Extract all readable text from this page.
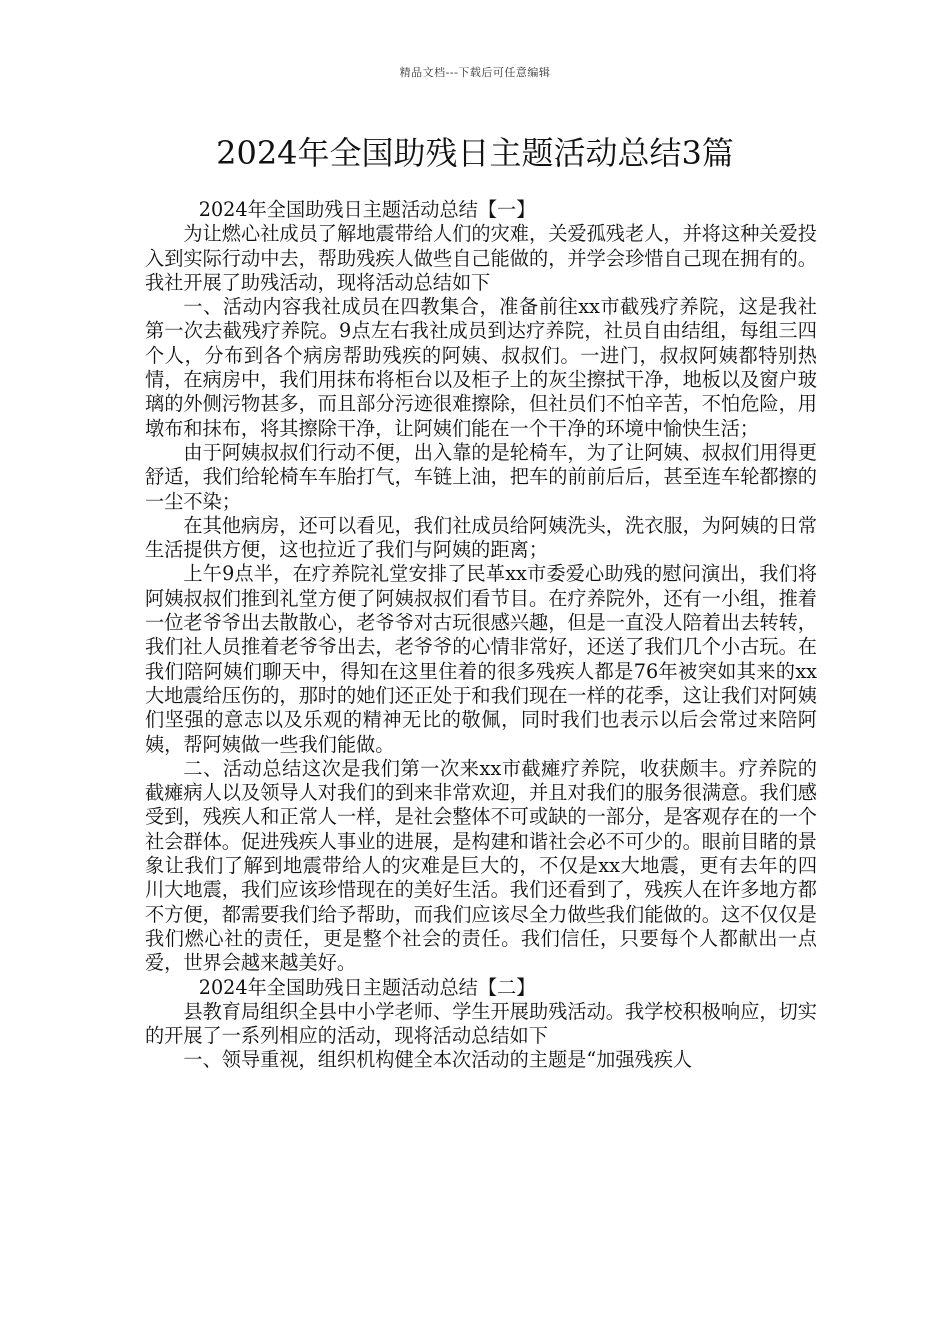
精品文档---下载后可任意编辑
2024年全国助残日主题活动总结3篇

2024年全国助残日主题活动总结【一】

为让燃心社成员了解地震带给人们的灾难，关爱孤残老人，并将这种关爱投入到实际行动中去，帮助残疾人做些自己能做的，并学会珍惜自己现在拥有的。我社开展了助残活动，现将活动总结如下

一、活动内容我社成员在四教集合，准备前往xx市截残疗养院，这是我社第一次去截残疗养院。9点左右我社成员到达疗养院，社员自由结组，每组三四个人，分布到各个病房帮助残疾的阿姨、叔叔们。一进门，叔叔阿姨都特别热情，在病房中，我们用抹布将柜台以及柜子上的灰尘擦拭干净，地板以及窗户玻璃的外侧污物甚多，而且部分污迹很难擦除，但社员们不怕辛苦，不怕危险，用墩布和抹布，将其擦除干净，让阿姨们能在一个干净的环境中愉快生活；

由于阿姨叔叔们行动不便，出入靠的是轮椅车，为了让阿姨、叔叔们用得更舒适，我们给轮椅车车胎打气，车链上油，把车的前前后后，甚至连车轮都擦的一尘不染；

在其他病房，还可以看见，我们社成员给阿姨洗头，洗衣服，为阿姨的日常生活提供方便，这也拉近了我们与阿姨的距离；

上午9点半，在疗养院礼堂安排了民革xx市委爱心助残的慰问演出，我们将阿姨叔叔们推到礼堂方便了阿姨叔叔们看节目。在疗养院外，还有一小组，推着一位老爷爷出去散散心，老爷爷对古玩很感兴趣，但是一直没人陪着出去转转，我们社人员推着老爷爷出去，老爷爷的心情非常好，还送了我们几个小古玩。在我们陪阿姨们聊天中，得知在这里住着的很多残疾人都是76年被突如其来的xx大地震给压伤的，那时的她们还正处于和我们现在一样的花季，这让我们对阿姨们坚强的意志以及乐观的精神无比的敬佩，同时我们也表示以后会常过来陪阿姨，帮阿姨做一些我们能做。

二、活动总结这次是我们第一次来xx市截瘫疗养院，收获颇丰。疗养院的截瘫病人以及领导人对我们的到来非常欢迎，并且对我们的服务很满意。我们感受到，残疾人和正常人一样，是社会整体不可或缺的一部分，是客观存在的一个社会群体。促进残疾人事业的进展，是构建和谐社会必不可少的。眼前目睹的景象让我们了解到地震带给人的灾难是巨大的，不仅是xx大地震，更有去年的四川大地震，我们应该珍惜现在的美好生活。我们还看到了，残疾人在许多地方都不方便，都需要我们给予帮助，而我们应该尽全力做些我们能做的。这不仅仅是我们燃心社的责任，更是整个社会的责任。我们信任，只要每个人都献出一点爱，世界会越来越美好。

2024年全国助残日主题活动总结【二】

县教育局组织全县中小学老师、学生开展助残活动。我学校积极响应，切实的开展了一系列相应的活动，现将活动总结如下

一、领导重视，组织机构健全本次活动的主题是“加强残疾人
